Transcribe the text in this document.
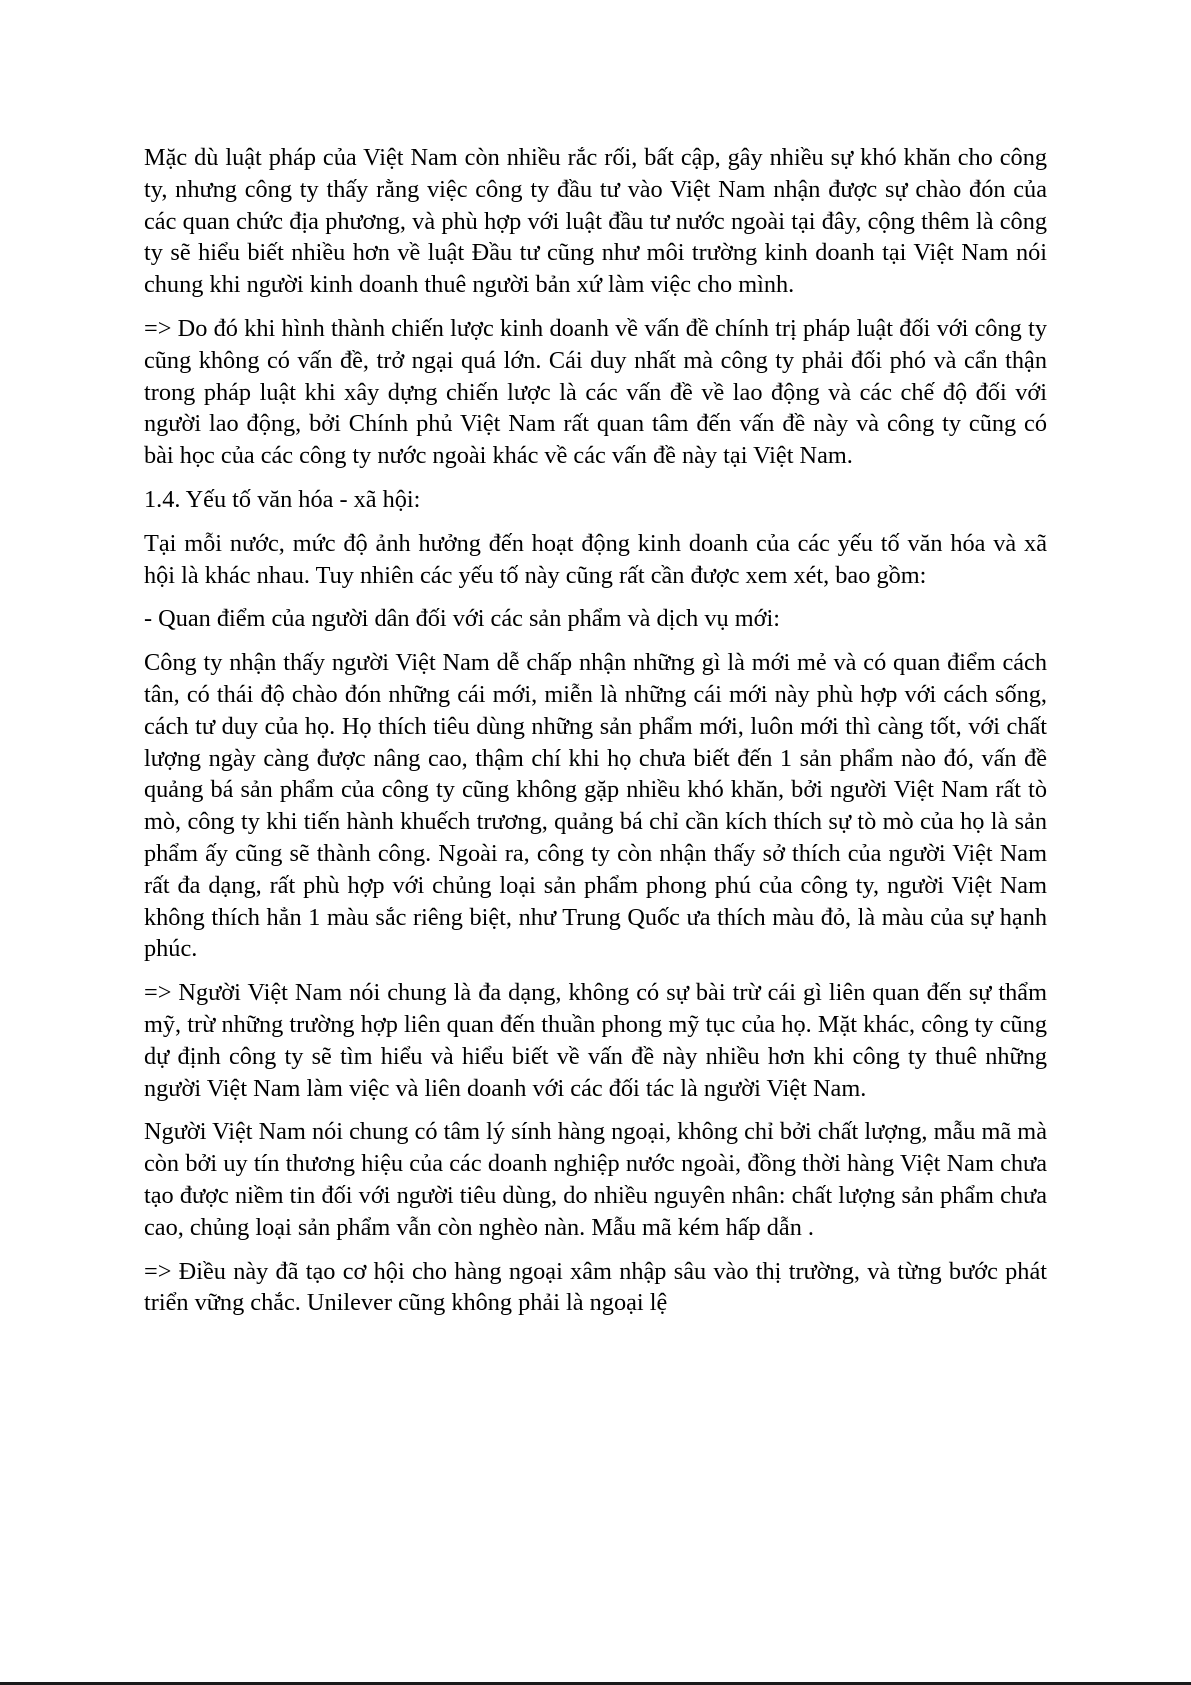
Mặc dù luật pháp của Việt Nam còn nhiều rắc rối, bất cập, gây nhiều sự khó khăn cho công ty, nhưng công ty thấy rằng việc công ty đầu tư vào Việt Nam nhận được sự chào đón của các quan chức địa phương, và phù hợp với luật đầu tư nước ngoài tại đây, cộng thêm là công ty sẽ hiểu biết nhiều hơn về luật Đầu tư cũng như môi trường kinh doanh tại Việt Nam nói chung khi người kinh doanh thuê người bản xứ làm việc cho mình.

=> Do đó khi hình thành chiến lược kinh doanh về vấn đề chính trị pháp luật đối với công ty cũng không có vấn đề, trở ngại quá lớn. Cái duy nhất mà công ty phải đối phó và cẩn thận trong pháp luật khi xây dựng chiến lược là các vấn đề về lao động và các chế độ đối với người lao động, bởi Chính phủ Việt Nam rất quan tâm đến vấn đề này và công ty cũng có bài học của các công ty nước ngoài khác về các vấn đề này tại Việt Nam.

1.4. Yếu tố văn hóa - xã hội:

Tại mỗi nước, mức độ ảnh hưởng đến hoạt động kinh doanh của các yếu tố văn hóa và xã hội là khác nhau. Tuy nhiên các yếu tố này cũng rất cần được xem xét, bao gồm:

- Quan điểm của người dân đối với các sản phẩm và dịch vụ mới:

Công ty nhận thấy người Việt Nam dễ chấp nhận những gì là mới mẻ và có quan điểm cách tân, có thái độ chào đón những cái mới, miễn là những cái mới này phù hợp với cách sống, cách tư duy của họ. Họ thích tiêu dùng những sản phẩm mới, luôn mới thì càng tốt, với chất lượng ngày càng được nâng cao, thậm chí khi họ chưa biết đến 1 sản phẩm nào đó, vấn đề quảng bá sản phẩm của công ty cũng không gặp nhiều khó khăn, bởi người Việt Nam rất tò mò, công ty khi tiến hành khuếch trương, quảng bá chỉ cần kích thích sự tò mò của họ là sản phẩm ấy cũng sẽ thành công. Ngoài ra, công ty còn nhận thấy sở thích của người Việt Nam rất đa dạng, rất phù hợp với chủng loại sản phẩm phong phú của công ty, người Việt Nam không thích hẳn 1 màu sắc riêng biệt, như Trung Quốc ưa thích màu đỏ, là màu của sự hạnh phúc.

=> Người Việt Nam nói chung là đa dạng, không có sự bài trừ cái gì liên quan đến sự thẩm mỹ, trừ những trường hợp liên quan đến thuần phong mỹ tục của họ. Mặt khác, công ty cũng dự định công ty sẽ tìm hiểu và hiểu biết về vấn đề này nhiều hơn khi công ty thuê những người Việt Nam làm việc và liên doanh với các đối tác là người Việt Nam.

Người Việt Nam nói chung có tâm lý sính hàng ngoại, không chỉ bởi chất lượng, mẫu mã mà còn bởi uy tín thương hiệu của các doanh nghiệp nước ngoài, đồng thời hàng Việt Nam chưa tạo được niềm tin đối với người tiêu dùng, do nhiều nguyên nhân: chất lượng sản phẩm chưa cao, chủng loại sản phẩm vẫn còn nghèo nàn. Mẫu mã kém hấp dẫn .

=> Điều này đã tạo cơ hội cho hàng ngoại xâm nhập sâu vào thị trường, và từng bước phát triển vững chắc. Unilever cũng không phải là ngoại lệ
